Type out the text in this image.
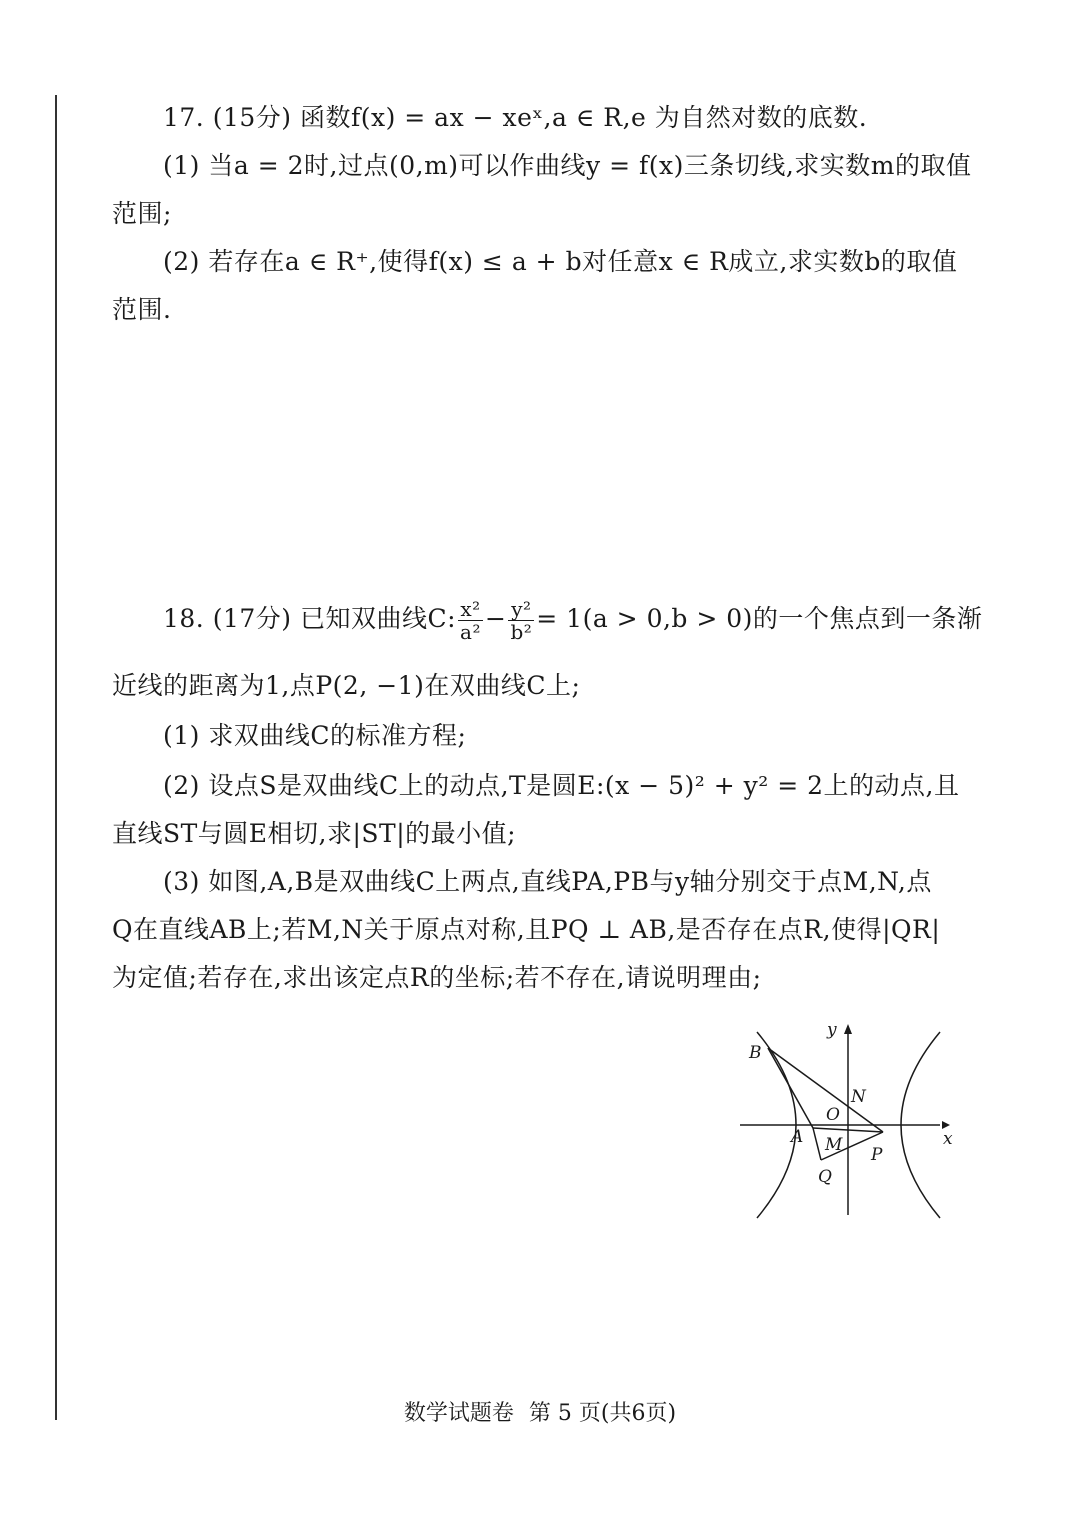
17. (15分) 函数f(x) = ax − xeˣ,a ∈ R,e 为自然对数的底数.
(1) 当a = 2时,过点(0,m)可以作曲线y = f(x)三条切线,求实数m的取值
范围;
(2) 若存在a ∈ R⁺,使得f(x) ≤ a + b对任意x ∈ R成立,求实数b的取值
范围.
18. (17分) 已知双曲线C: $\frac{\text{x²}}{\text{a²}} - \frac{\text{y²}}{\text{b²}} = 1(a > 0,b > 0)$的一个焦点到一条渐
近线的距离为1,点P(2, −1)在双曲线C上;
(1) 求双曲线C的标准方程;
(2) 设点S是双曲线C上的动点,T是圆E:(x − 5)² + y² = 2上的动点,且
直线ST与圆E相切,求|ST|的最小值;
(3) 如图,A,B是双曲线C上两点,直线PA,PB与y轴分别交于点M,N,点
Q在直线AB上;若M,N关于原点对称,且PQ ⊥ AB,是否存在点R,使得|QR|
为定值;若存在,求出该定点R的坐标;若不存在,请说明理由;
y
x
B
N
O
A M P
Q
数学试题卷 第 5 页(共6页)
